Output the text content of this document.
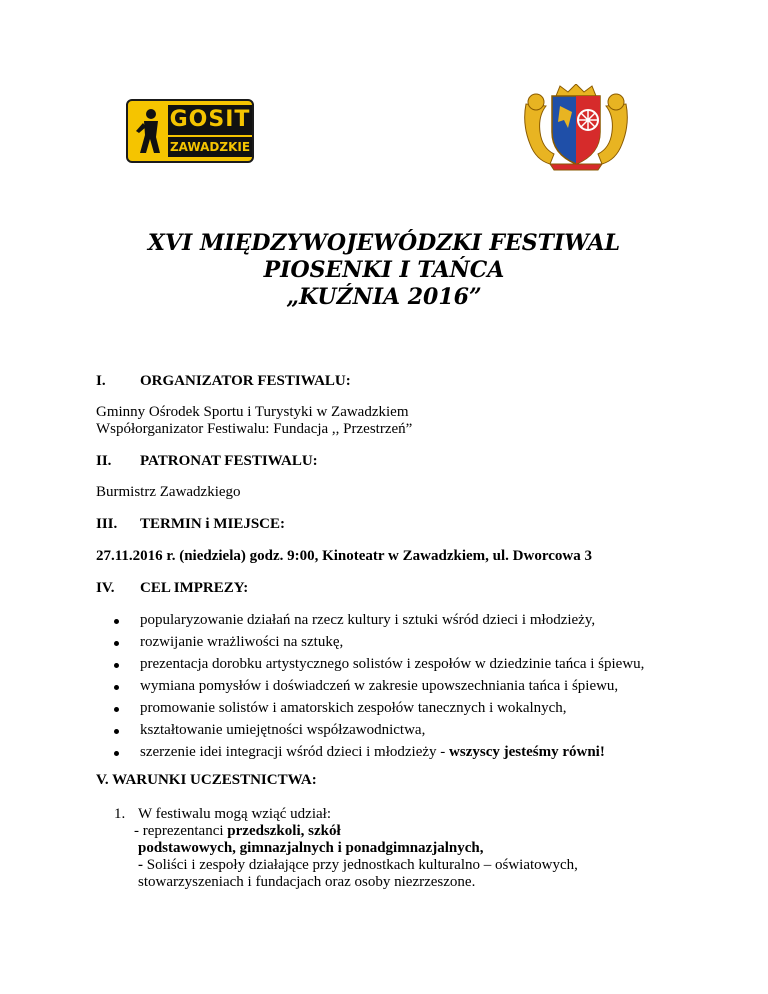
GOSIT
ZAWADZKIE
XVI MIĘDZYWOJEWÓDZKI FESTIWAL
PIOSENKI I TAŃCA
„KUŹNIA 2016”
I. ORGANIZATOR FESTIWALU:
Gminny Ośrodek Sportu i Turystyki w Zawadzkiem
Współorganizator Festiwalu: Fundacja ,, Przestrzeń”
II. PATRONAT FESTIWALU:
Burmistrz Zawadzkiego
III. TERMIN i MIEJSCE:
27.11.2016 r. (niedziela) godz. 9:00, Kinoteatr w Zawadzkiem, ul. Dworcowa 3
IV. CEL IMPREZY:
popularyzowanie działań na rzecz kultury i sztuki wśród dzieci i młodzieży,
rozwijanie wrażliwości na sztukę,
prezentacja dorobku artystycznego solistów i zespołów w dziedzinie tańca i śpiewu,
wymiana pomysłów i doświadczeń w zakresie upowszechniania tańca i śpiewu,
promowanie solistów i amatorskich zespołów tanecznych i wokalnych,
kształtowanie umiejętności współzawodnictwa,
szerzenie idei integracji wśród dzieci i młodzieży - wszyscy jesteśmy równi!
V. WARUNKI UCZESTNICTWA:
1. W festiwalu mogą wziąć udział:
- reprezentanci przedszkoli, szkół
podstawowych, gimnazjalnych i ponadgimnazjalnych,
- Soliści i zespoły działające przy jednostkach kulturalno – oświatowych,
stowarzyszeniach i fundacjach oraz osoby niezrzeszone.
